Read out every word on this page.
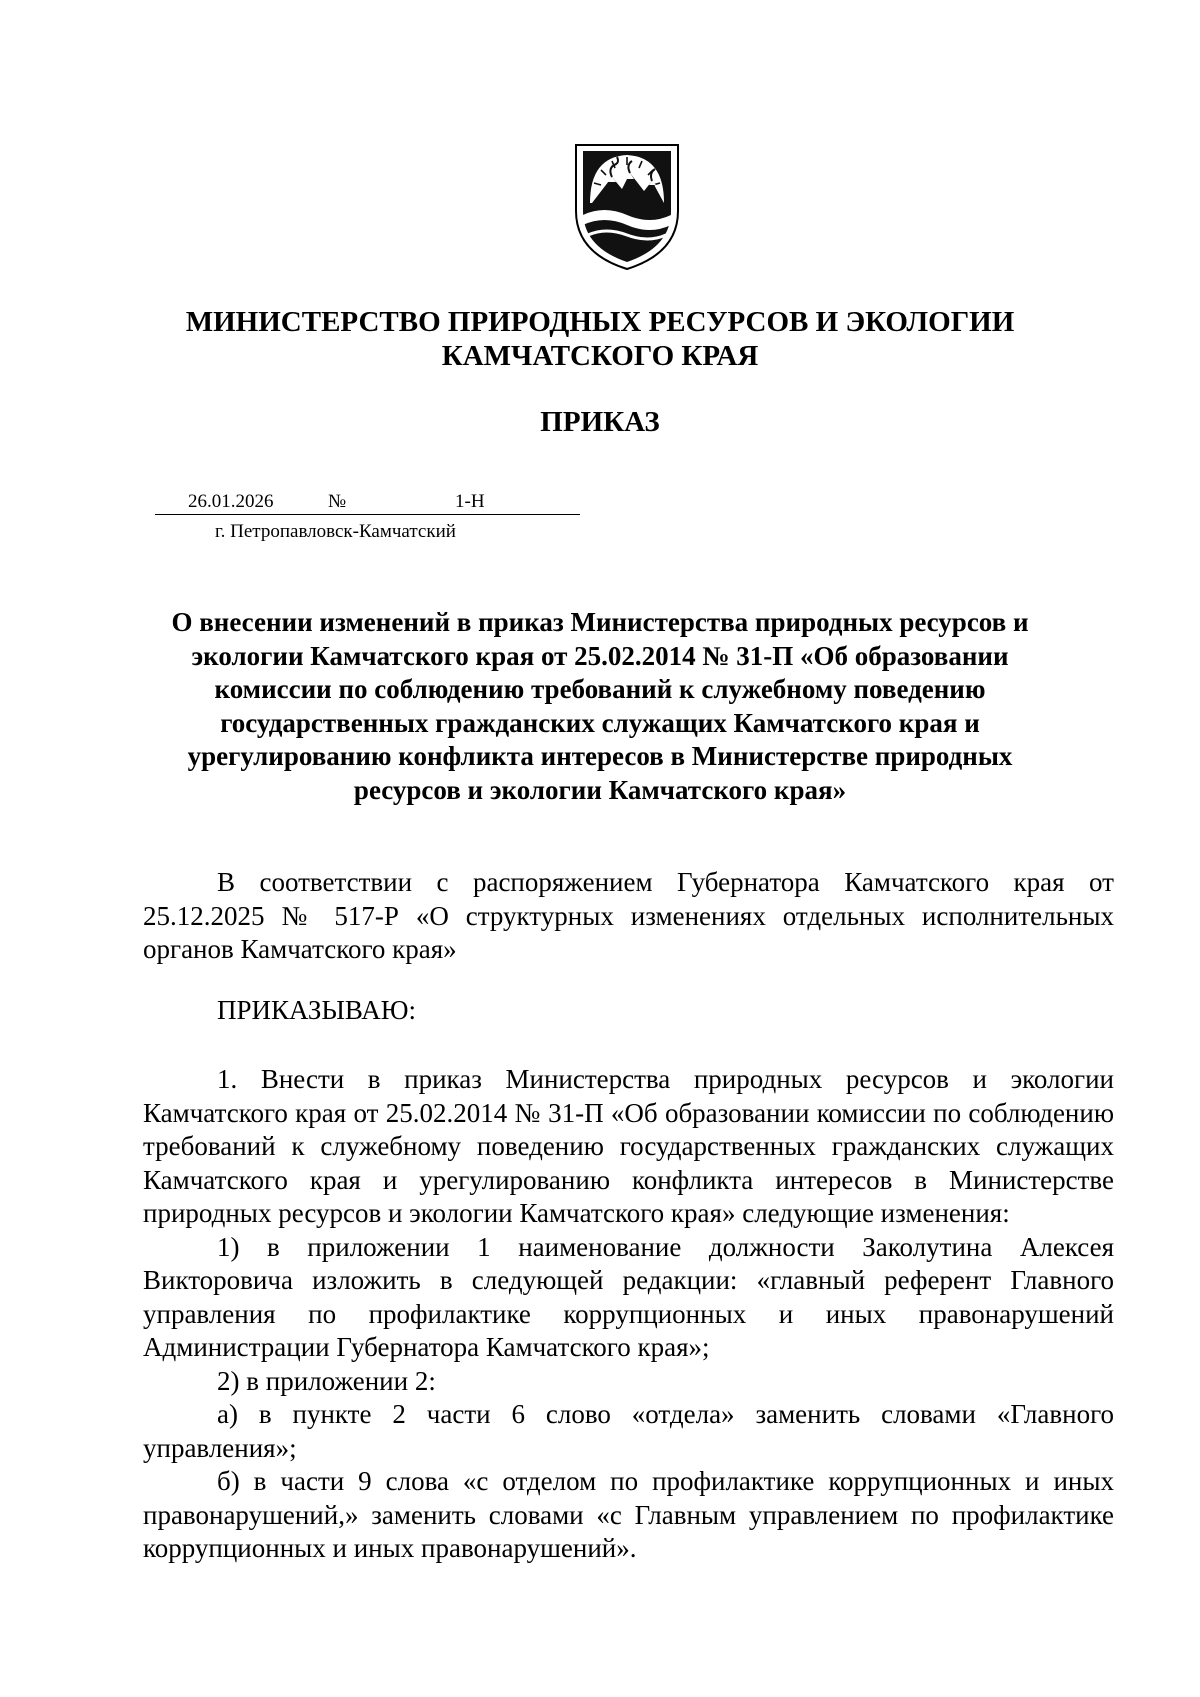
МИНИСТЕРСТВО ПРИРОДНЫХ РЕСУРСОВ И ЭКОЛОГИИ
КАМЧАТСКОГО КРАЯ
ПРИКАЗ
26.01.2026	№	1-Н
г. Петропавловск-Камчатский
О внесении изменений в приказ Министерства природных ресурсов и экологии Камчатского края от 25.02.2014 № 31-П «Об образовании комиссии по соблюдению требований к служебному поведению государственных гражданских служащих Камчатского края и урегулированию конфликта интересов в Министерстве природных ресурсов и экологии Камчатского края»

В соответствии с распоряжением Губернатора Камчатского края от 25.12.2025 № 517-Р «О структурных изменениях отдельных исполнительных органов Камчатского края»

ПРИКАЗЫВАЮ:

1. Внести в приказ Министерства природных ресурсов и экологии Камчатского края от 25.02.2014 № 31-П «Об образовании комиссии по соблюдению требований к служебному поведению государственных гражданских служащих Камчатского края и урегулированию конфликта интересов в Министерстве природных ресурсов и экологии Камчатского края» следующие изменения:

1) в приложении 1 наименование должности Заколутина Алексея Викторовича изложить в следующей редакции: «главный референт Главного управления по профилактике коррупционных и иных правонарушений Администрации Губернатора Камчатского края»;

2) в приложении 2:

а) в пункте 2 части 6 слово «отдела» заменить словами «Главного управления»;

б) в части 9 слова «с отделом по профилактике коррупционных и иных правонарушений,» заменить словами «с Главным управлением по профилактике коррупционных и иных правонарушений».
